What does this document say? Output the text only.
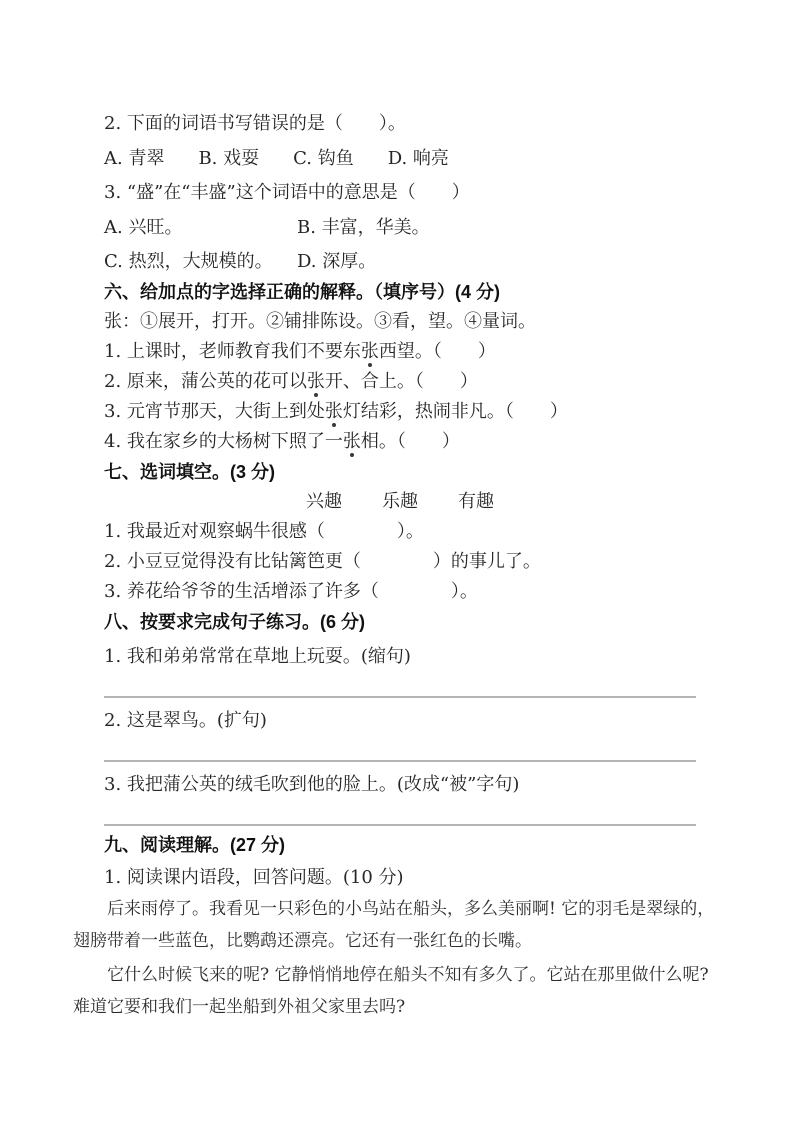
2. 下面的词语书写错误的是（　　）。
A. 青翠 B. 戏耍 C. 钩鱼 D. 响亮
3. “盛”在“丰盛”这个词语中的意思是（　　）
A. 兴旺。	B. 丰富，华美。
C. 热烈，大规模的。	D. 深厚。
六、给加点的字选择正确的解释。（填序号）(4 分)
张：①展开，打开。②铺排陈设。③看，望。④量词。
1. 上课时，老师教育我们不要东张西望。（　　）
2. 原来，蒲公英的花可以张开、合上。（　　）
3. 元宵节那天，大街上到处张灯结彩，热闹非凡。（　　）
4. 我在家乡的大杨树下照了一张相。（　　）
七、选词填空。(3 分)
兴趣 乐趣 有趣
1. 我最近对观察蜗牛很感（　　　　）。
2. 小豆豆觉得没有比钻篱笆更（　　　　）的事儿了。
3. 养花给爷爷的生活增添了许多（　　　　）。
八、按要求完成句子练习。(6 分)
1. 我和弟弟常常在草地上玩耍。(缩句)
2. 这是翠鸟。(扩句)
3. 我把蒲公英的绒毛吹到他的脸上。(改成“被”字句)
九、阅读理解。(27 分)
1. 阅读课内语段，回答问题。(10 分)

后来雨停了。我看见一只彩色的小鸟站在船头，多么美丽啊! 它的羽毛是翠绿的，翅膀带着一些蓝色，比鹦鹉还漂亮。它还有一张红色的长嘴。

它什么时候飞来的呢? 它静悄悄地停在船头不知有多久了。它站在那里做什么呢? 难道它要和我们一起坐船到外祖父家里去吗?
